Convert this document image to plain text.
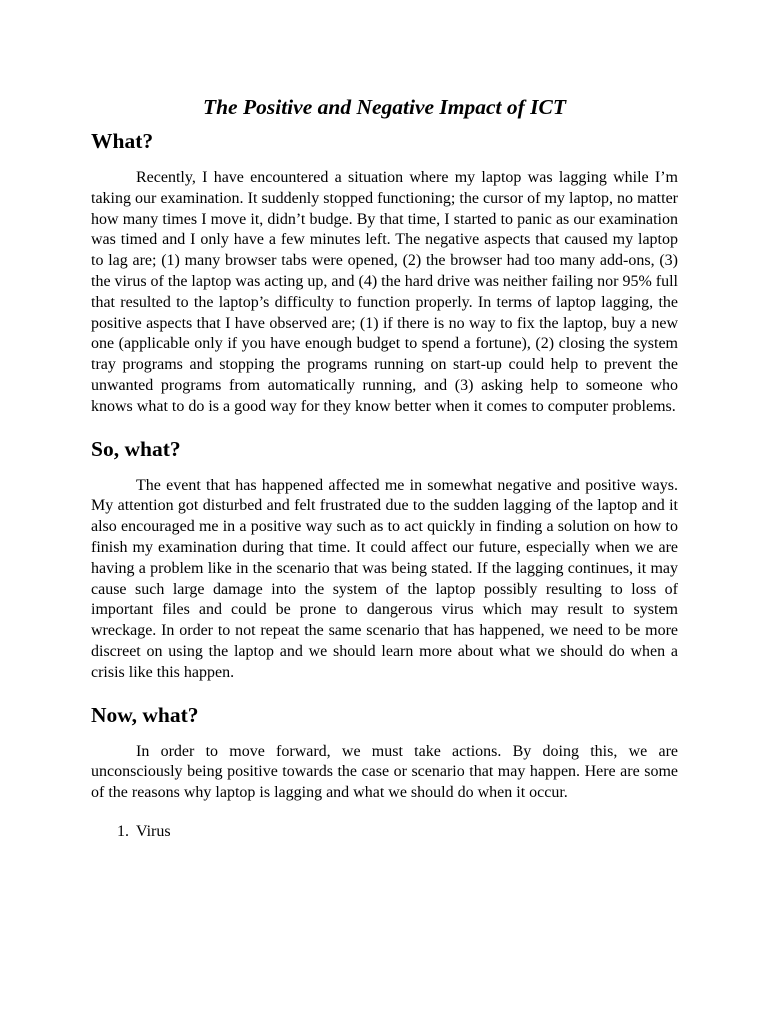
The Positive and Negative Impact of ICT
What?

Recently, I have encountered a situation where my laptop was lagging while I’m taking our examination. It suddenly stopped functioning; the cursor of my laptop, no matter how many times I move it, didn’t budge. By that time, I started to panic as our examination was timed and I only have a few minutes left. The negative aspects that caused my laptop to lag are; (1) many browser tabs were opened, (2) the browser had too many add-ons, (3) the virus of the laptop was acting up, and (4) the hard drive was neither failing nor 95% full that resulted to the laptop’s difficulty to function properly. In terms of laptop lagging, the positive aspects that I have observed are; (1) if there is no way to fix the laptop, buy a new one (applicable only if you have enough budget to spend a fortune), (2) closing the system tray programs and stopping the programs running on start-up could help to prevent the unwanted programs from automatically running, and (3) asking help to someone who knows what to do is a good way for they know better when it comes to computer problems.

So, what?

The event that has happened affected me in somewhat negative and positive ways. My attention got disturbed and felt frustrated due to the sudden lagging of the laptop and it also encouraged me in a positive way such as to act quickly in finding a solution on how to finish my examination during that time. It could affect our future, especially when we are having a problem like in the scenario that was being stated. If the lagging continues, it may cause such large damage into the system of the laptop possibly resulting to loss of important files and could be prone to dangerous virus which may result to system wreckage. In order to not repeat the same scenario that has happened, we need to be more discreet on using the laptop and we should learn more about what we should do when a crisis like this happen.

Now, what?

In order to move forward, we must take actions. By doing this, we are unconsciously being positive towards the case or scenario that may happen. Here are some of the reasons why laptop is lagging and what we should do when it occur.

1. Virus
